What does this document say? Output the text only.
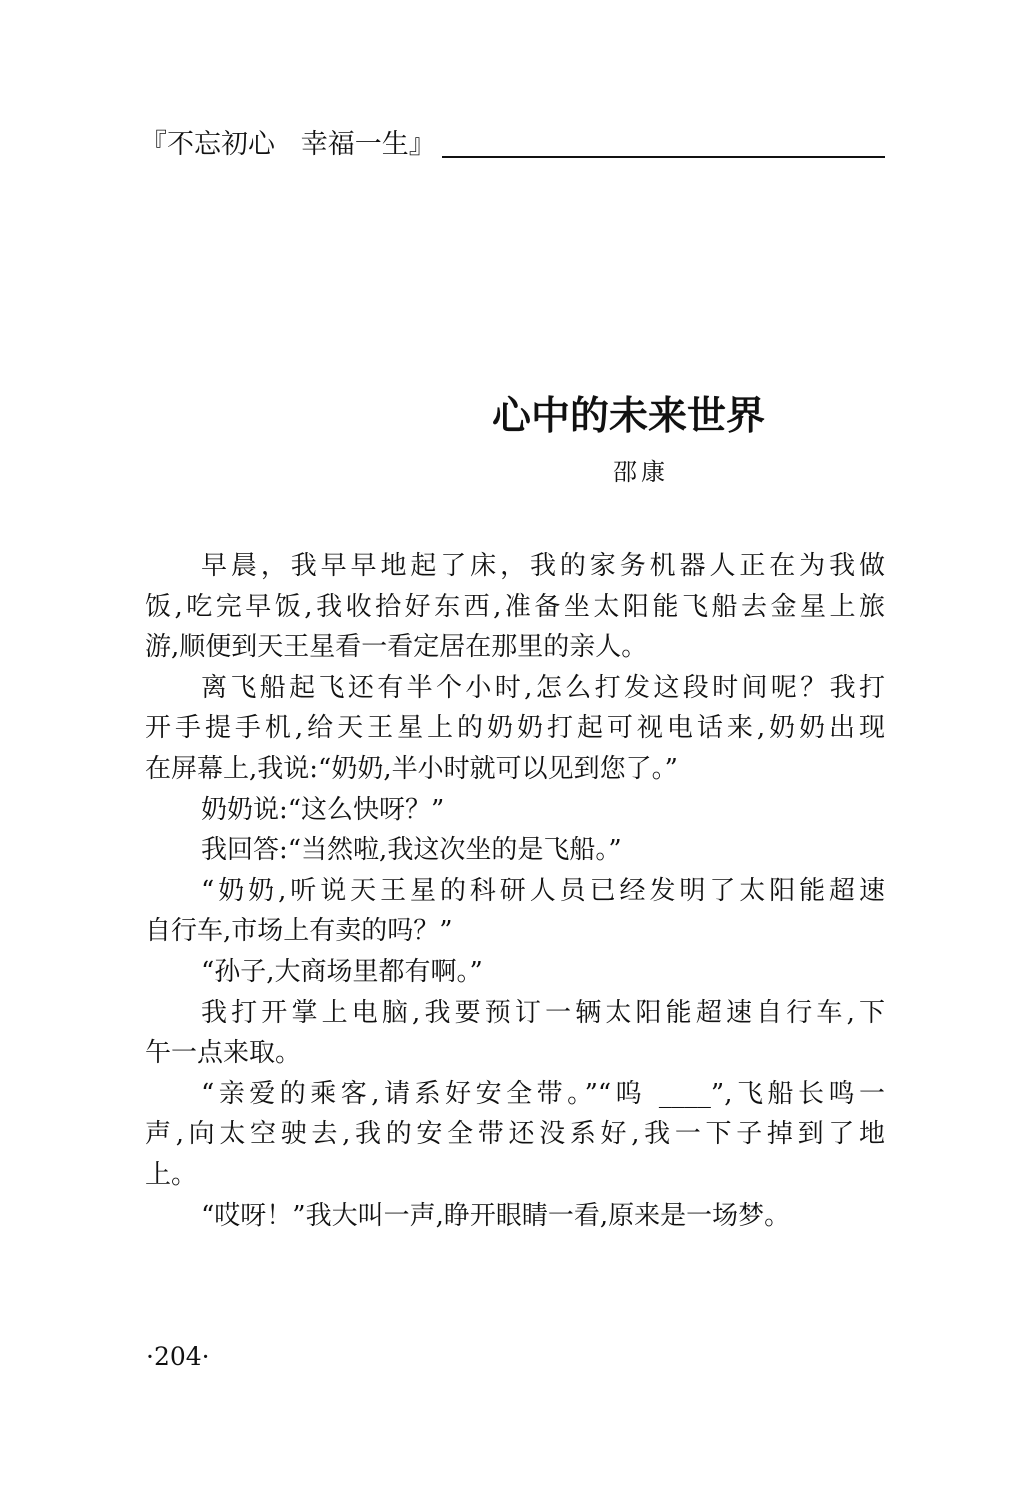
『不忘初心   幸福一生』
心中的未来世界
邵康
早晨，我早早地起了床，我的家务机器人正在为我做
饭,吃完早饭,我收拾好东西,准备坐太阳能飞船去金星上旅
游,顺便到天王星看一看定居在那里的亲人。
离飞船起飞还有半个小时,怎么打发这段时间呢？我打
开手提手机,给天王星上的奶奶打起可视电话来,奶奶出现
在屏幕上,我说:“奶奶,半小时就可以见到您了。”
奶奶说:“这么快呀？”
我回答:“当然啦,我这次坐的是飞船。”
“奶奶,听说天王星的科研人员已经发明了太阳能超速
自行车,市场上有卖的吗？”
“孙子,大商场里都有啊。”
我打开掌上电脑,我要预订一辆太阳能超速自行车,下
午一点来取。
“亲爱的乘客,请系好安全带。”“呜 ____”,飞船长鸣一
声,向太空驶去,我的安全带还没系好,我一下子掉到了地
上。
“哎呀！”我大叫一声,睁开眼睛一看,原来是一场梦。
·204·
